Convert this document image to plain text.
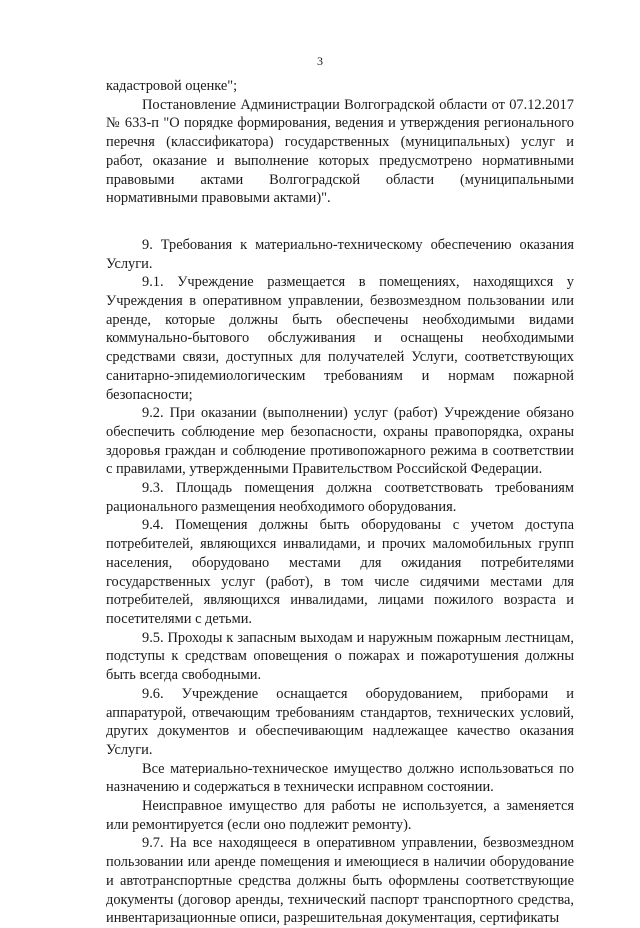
3

кадастровой оценке";

Постановление Администрации Волгоградской области от 07.12.2017 № 633-п "О порядке формирования, ведения и утверждения регионального перечня (классификатора) государственных (муниципальных) услуг и работ, оказание и выполнение которых предусмотрено нормативными правовыми актами Волгоградской области (муниципальными нормативными правовыми актами)".

9. Требования к материально-техническому обеспечению оказания Услуги.

9.1. Учреждение размещается в помещениях, находящихся у Учреждения в оперативном управлении, безвозмездном пользовании или аренде, которые должны быть обеспечены необходимыми видами коммунально-бытового обслуживания и оснащены необходимыми средствами связи, доступных для получателей Услуги, соответствующих санитарно-эпидемиологическим требованиям и нормам пожарной безопасности;

9.2. При оказании (выполнении) услуг (работ) Учреждение обязано обеспечить соблюдение мер безопасности, охраны правопорядка, охраны здоровья граждан и соблюдение противопожарного режима в соответствии с правилами, утвержденными Правительством Российской Федерации.

9.3. Площадь помещения должна соответствовать требованиям рационального размещения необходимого оборудования.

9.4. Помещения должны быть оборудованы с учетом доступа потребителей, являющихся инвалидами, и прочих маломобильных групп населения, оборудовано местами для ожидания потребителями государственных услуг (работ), в том числе сидячими местами для потребителей, являющихся инвалидами, лицами пожилого возраста и посетителями с детьми.

9.5. Проходы к запасным выходам и наружным пожарным лестницам, подступы к средствам оповещения о пожарах и пожаротушения должны быть всегда свободными.

9.6. Учреждение оснащается оборудованием, приборами и аппаратурой, отвечающим требованиям стандартов, технических условий, других документов и обеспечивающим надлежащее качество оказания Услуги.

Все материально-техническое имущество должно использоваться по назначению и содержаться в технически исправном состоянии.

Неисправное имущество для работы не используется, а заменяется или ремонтируется (если оно подлежит ремонту).

9.7. На все находящееся в оперативном управлении, безвозмездном пользовании или аренде помещения и имеющиеся в наличии оборудование и автотранспортные средства должны быть оформлены соответствующие документы (договор аренды, технический паспорт транспортного средства, инвентаризационные описи, разрешительная документация, сертификаты
